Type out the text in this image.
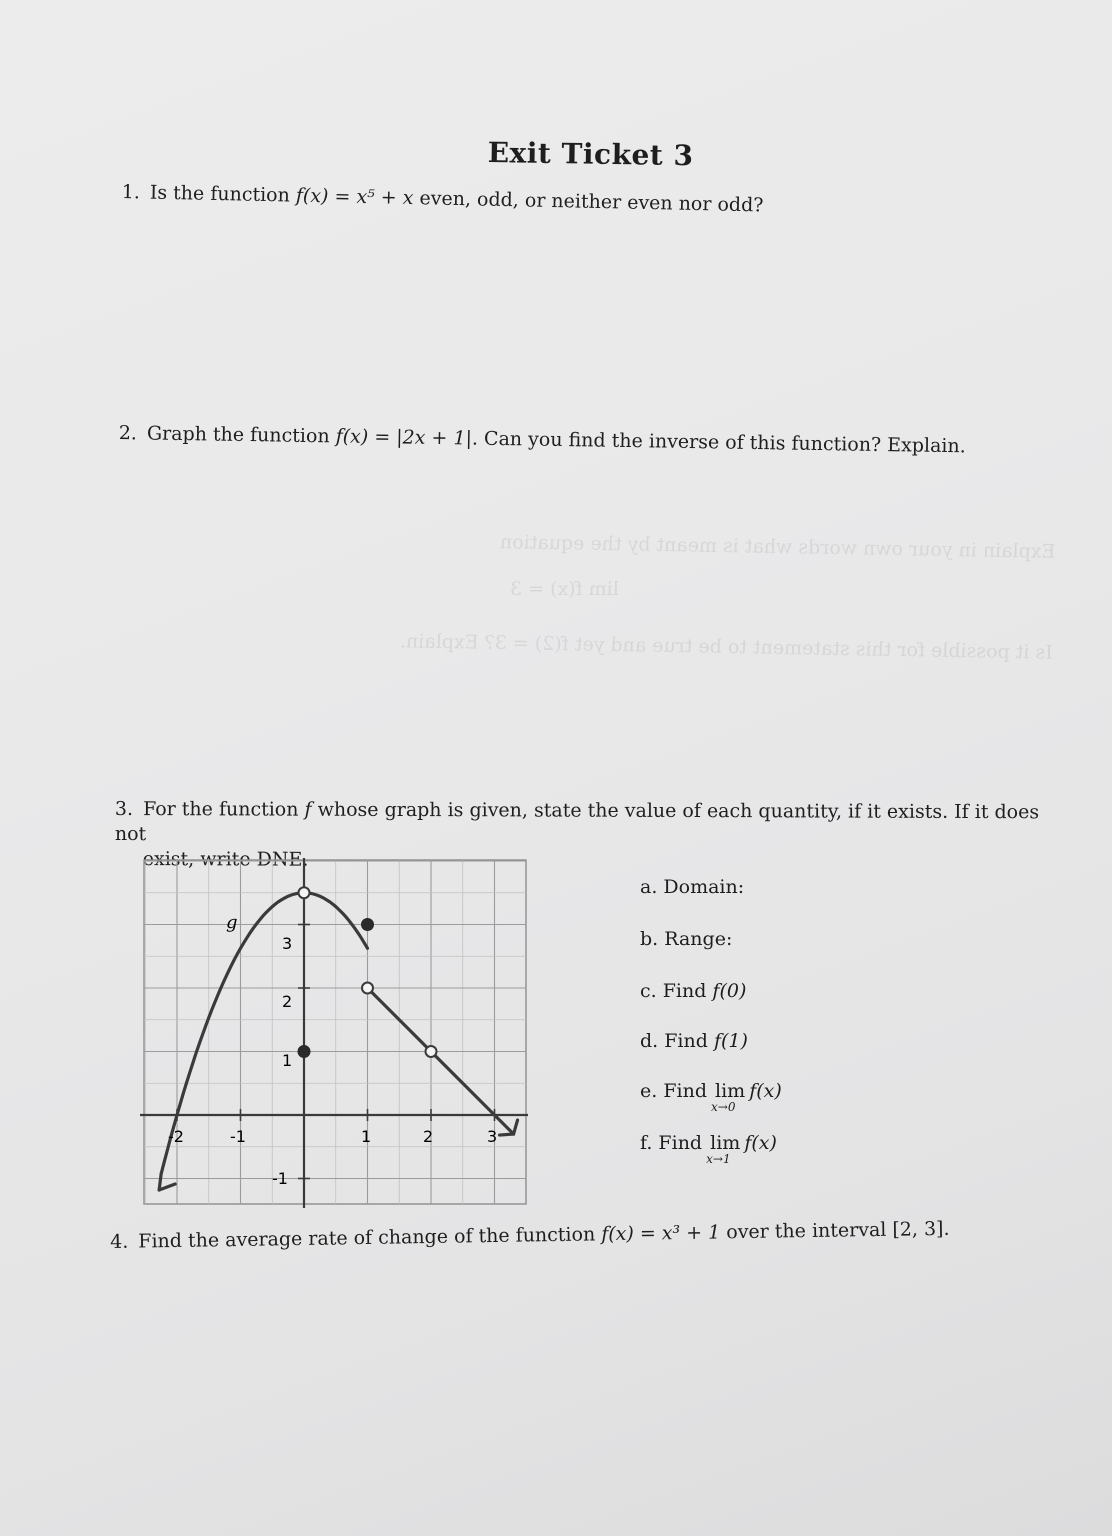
Explain in your own words what is meant by the equation
lim f(x) = 3
Is it possible for this statement to be true and yet f(2) = 3? Explain.
Exit Ticket 3
1. Is the function f(x) = x⁵ + x even, odd, or neither even nor odd?
2. Graph the function f(x) = |2x + 1|. Can you find the inverse of this function? Explain.
3. For the function f whose graph is given, state the value of each quantity, if it exists. If it does not
exist, write DNE.
g
-2	-1	1	2	3
3
2
1
-1
a. Domain:
b. Range:
c. Find f(0)
d. Find f(1)
e. Find lim
x→0
f(x)
f. Find lim
x→1
f(x)
4. Find the average rate of change of the function f(x) = x³ + 1 over the interval [2, 3].
